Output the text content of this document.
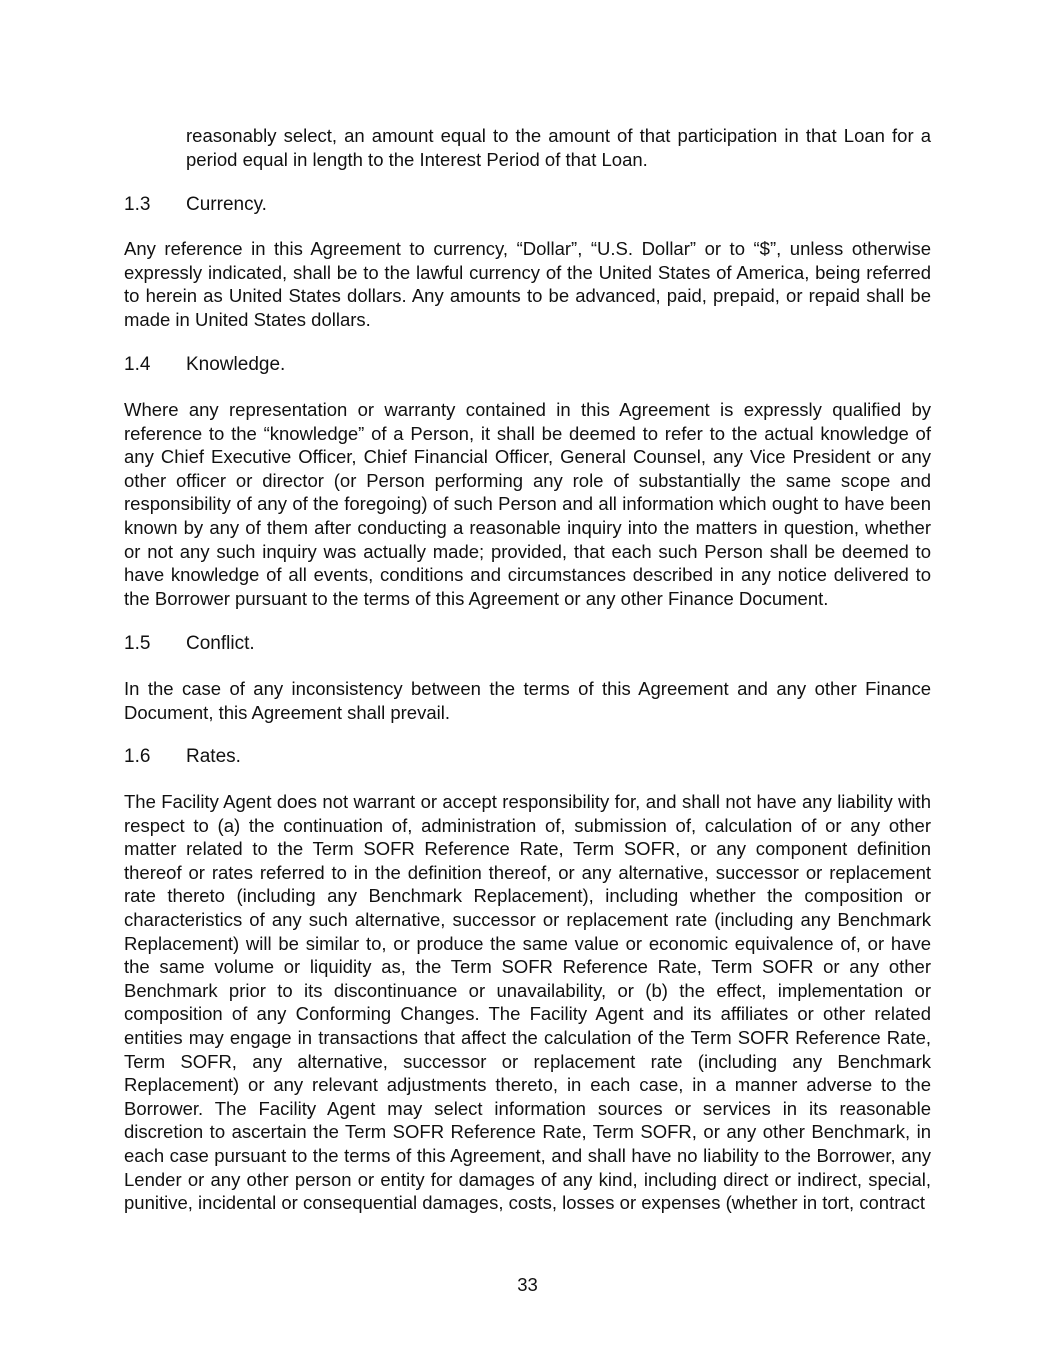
reasonably select, an amount equal to the amount of that participation in that Loan for a period equal in length to the Interest Period of that Loan.

1.3 Currency.

Any reference in this Agreement to currency, “Dollar”, “U.S. Dollar” or to “$”, unless otherwise expressly indicated, shall be to the lawful currency of the United States of America, being referred to herein as United States dollars. Any amounts to be advanced, paid, prepaid, or repaid shall be made in United States dollars.

1.4 Knowledge.

Where any representation or warranty contained in this Agreement is expressly qualified by reference to the “knowledge” of a Person, it shall be deemed to refer to the actual knowledge of any Chief Executive Officer, Chief Financial Officer, General Counsel, any Vice President or any other officer or director (or Person performing any role of substantially the same scope and responsibility of any of the foregoing) of such Person and all information which ought to have been known by any of them after conducting a reasonable inquiry into the matters in question, whether or not any such inquiry was actually made; provided, that each such Person shall be deemed to have knowledge of all events, conditions and circumstances described in any notice delivered to the Borrower pursuant to the terms of this Agreement or any other Finance Document.

1.5 Conflict.

In the case of any inconsistency between the terms of this Agreement and any other Finance Document, this Agreement shall prevail.

1.6 Rates.

The Facility Agent does not warrant or accept responsibility for, and shall not have any liability with respect to (a) the continuation of, administration of, submission of, calculation of or any other matter related to the Term SOFR Reference Rate, Term SOFR, or any component definition thereof or rates referred to in the definition thereof, or any alternative, successor or replacement rate thereto (including any Benchmark Replacement), including whether the composition or characteristics of any such alternative, successor or replacement rate (including any Benchmark Replacement) will be similar to, or produce the same value or economic equivalence of, or have the same volume or liquidity as, the Term SOFR Reference Rate, Term SOFR or any other Benchmark prior to its discontinuance or unavailability, or (b) the effect, implementation or composition of any Conforming Changes. The Facility Agent and its affiliates or other related entities may engage in transactions that affect the calculation of the Term SOFR Reference Rate, Term SOFR, any alternative, successor or replacement rate (including any Benchmark Replacement) or any relevant adjustments thereto, in each case, in a manner adverse to the Borrower. The Facility Agent may select information sources or services in its reasonable discretion to ascertain the Term SOFR Reference Rate, Term SOFR, or any other Benchmark, in each case pursuant to the terms of this Agreement, and shall have no liability to the Borrower, any Lender or any other person or entity for damages of any kind, including direct or indirect, special, punitive, incidental or consequential damages, costs, losses or expenses (whether in tort, contract

33
